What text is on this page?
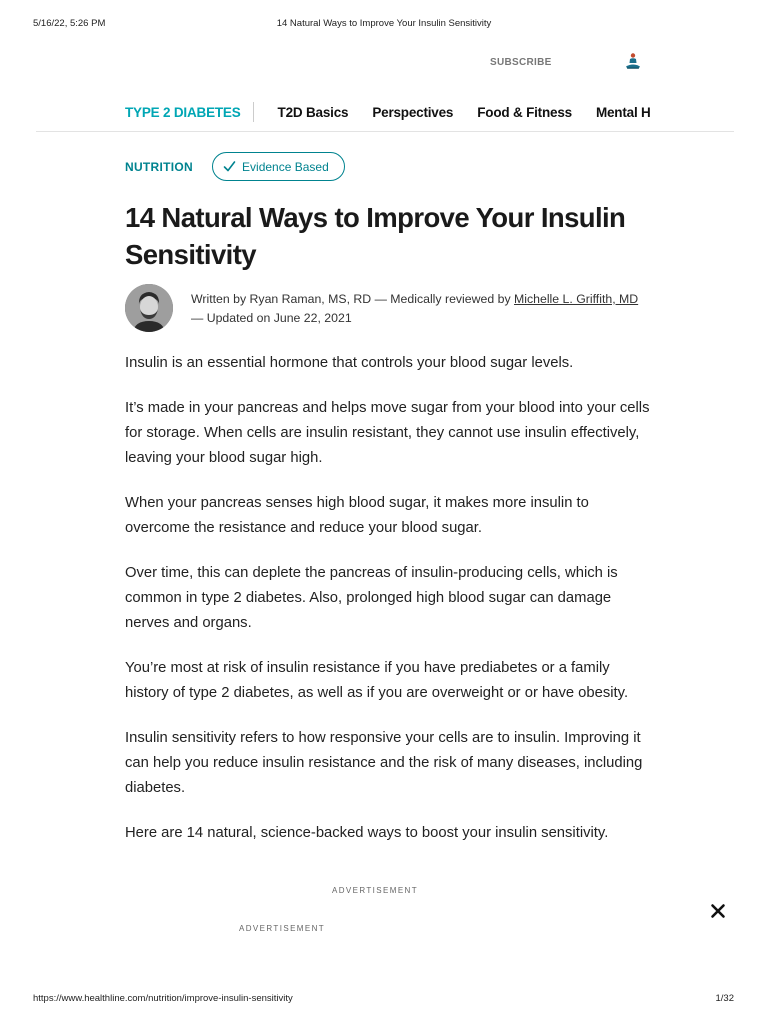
5/16/22, 5:26 PM	14 Natural Ways to Improve Your Insulin Sensitivity
SUBSCRIBE
TYPE 2 DIABETES	T2D Basics Perspectives Food & Fitness Mental H
NUTRITION	Evidence Based
14 Natural Ways to Improve Your Insulin Sensitivity
Written by Ryan Raman, MS, RD — Medically reviewed by Michelle L. Griffith, MD — Updated on June 22, 2021

Insulin is an essential hormone that controls your blood sugar levels.

It’s made in your pancreas and helps move sugar from your blood into your cells for storage. When cells are insulin resistant, they cannot use insulin effectively, leaving your blood sugar high.

When your pancreas senses high blood sugar, it makes more insulin to overcome the resistance and reduce your blood sugar.

Over time, this can deplete the pancreas of insulin-producing cells, which is common in type 2 diabetes. Also, prolonged high blood sugar can damage nerves and organs.

You’re most at risk of insulin resistance if you have prediabetes or a family history of type 2 diabetes, as well as if you are overweight or or have obesity.

Insulin sensitivity refers to how responsive your cells are to insulin. Improving it can help you reduce insulin resistance and the risk of many diseases, including diabetes.

Here are 14 natural, science-backed ways to boost your insulin sensitivity.

ADVERTISEMENT
ADVERTISEMENT
https://www.healthline.com/nutrition/improve-insulin-sensitivity	1/32
